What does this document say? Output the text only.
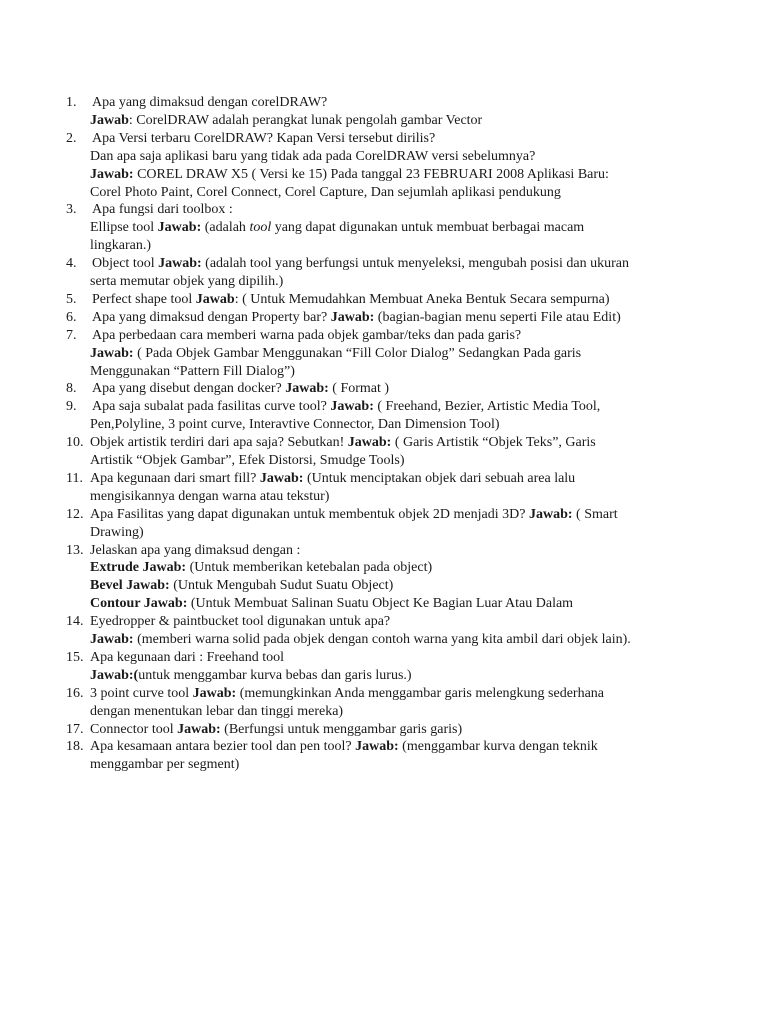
1. Apa yang dimaksud dengan corelDRAW?
Jawab: CorelDRAW adalah perangkat lunak pengolah gambar Vector
2. Apa Versi terbaru CorelDRAW? Kapan Versi tersebut dirilis?
Dan apa saja aplikasi baru yang tidak ada pada CorelDRAW versi sebelumnya?
Jawab: COREL DRAW X5 ( Versi ke 15) Pada tanggal 23 FEBRUARI 2008 Aplikasi Baru:
Corel Photo Paint, Corel Connect, Corel Capture, Dan sejumlah aplikasi pendukung
3. Apa fungsi dari toolbox :
Ellipse tool Jawab: (adalah tool yang dapat digunakan untuk membuat berbagai macam
lingkaran.)
4. Object tool Jawab: (adalah tool yang berfungsi untuk menyeleksi, mengubah posisi dan ukuran
serta memutar objek yang dipilih.)
5. Perfect shape tool Jawab: ( Untuk Memudahkan Membuat Aneka Bentuk Secara sempurna)
6. Apa yang dimaksud dengan Property bar? Jawab: (bagian-bagian menu seperti File atau Edit)
7. Apa perbedaan cara memberi warna pada objek gambar/teks dan pada garis?
Jawab: ( Pada Objek Gambar Menggunakan “Fill Color Dialog” Sedangkan Pada garis
Menggunakan “Pattern Fill Dialog”)
8. Apa yang disebut dengan docker? Jawab: ( Format )
9. Apa saja subalat pada fasilitas curve tool? Jawab: ( Freehand, Bezier, Artistic Media Tool,
Pen,Polyline, 3 point curve, Interavtive Connector, Dan Dimension Tool)
10. Objek artistik terdiri dari apa saja? Sebutkan! Jawab: ( Garis Artistik “Objek Teks”, Garis
Artistik “Objek Gambar”, Efek Distorsi, Smudge Tools)
11. Apa kegunaan dari smart fill? Jawab: (Untuk menciptakan objek dari sebuah area lalu
mengisikannya dengan warna atau tekstur)
12. Apa Fasilitas yang dapat digunakan untuk membentuk objek 2D menjadi 3D? Jawab: ( Smart
Drawing)
13. Jelaskan apa yang dimaksud dengan :
Extrude Jawab: (Untuk memberikan ketebalan pada object)
Bevel Jawab: (Untuk Mengubah Sudut Suatu Object)
Contour Jawab: (Untuk Membuat Salinan Suatu Object Ke Bagian Luar Atau Dalam
14. Eyedropper & paintbucket tool digunakan untuk apa?
Jawab: (memberi warna solid pada objek dengan contoh warna yang kita ambil dari objek lain).
15. Apa kegunaan dari : Freehand tool
Jawab:(untuk menggambar kurva bebas dan garis lurus.)
16. 3 point curve tool Jawab: (memungkinkan Anda menggambar garis melengkung sederhana
dengan menentukan lebar dan tinggi mereka)
17. Connector tool Jawab: (Berfungsi untuk menggambar garis garis)
18. Apa kesamaan antara bezier tool dan pen tool? Jawab: (menggambar kurva dengan teknik
menggambar per segment)
